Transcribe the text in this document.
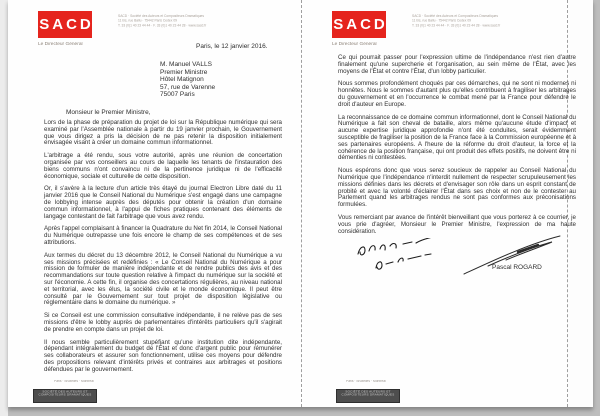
SACD
Le Directeur Général
SACD · Société des Auteurs et Compositeurs Dramatiques
11 bis, rue Ballu · 75442 Paris Cedex 09
T. 33 (0)1 40 23 44 44 · F. 33 (0)1 40 23 44 28 · www.sacd.fr
Paris, le 12 janvier 2016.
M. Manuel VALLS
Premier Ministre
Hôtel Matignon
57, rue de Varenne
75007 Paris
Monsieur le Premier Ministre,

Lors de la phase de préparation du projet de loi sur la République numérique qui sera examiné par l'Assemblée nationale à partir du 19 janvier prochain, le Gouvernement que vous dirigez a pris la décision de ne pas retenir la disposition initialement envisagée visant à créer un domaine commun informationnel.

L'arbitrage a été rendu, sous votre autorité, après une réunion de concertation organisée par vos conseillers au cours de laquelle les tenants de l'instauration des biens communs n'ont convaincu ni de la pertinence juridique ni de l'efficacité économique, sociale et culturelle de cette disposition.

Or, il s'avère à la lecture d'un article très étayé du journal Electron Libre daté du 11 janvier 2016 que le Conseil National du Numérique s'est engagé dans une campagne de lobbying intense auprès des députés pour obtenir la création d'un domaine commun informationnel, à l'appui de fiches pratiques contenant des éléments de langage contestant de fait l'arbitrage que vous avez rendu.

Après l'appel complaisant à financer la Quadrature du Net fin 2014, le Conseil National du Numérique outrepasse une fois encore le champ de ses compétences et de ses attributions.

Aux termes du décret du 13 décembre 2012, le Conseil National du Numérique a vu ses missions précisées et redéfinies : « Le Conseil National du Numérique a pour mission de formuler de manière indépendante et de rendre publics des avis et des recommandations sur toute question relative à l'impact du numérique sur la société et sur l'économie. A cette fin, il organise des concertations régulières, au niveau national et territorial, avec les élus, la société civile et le monde économique. Il peut être consulté par le Gouvernement sur tout projet de disposition législative ou réglementaire dans le domaine du numérique. »

Si ce Conseil est une commission consultative indépendante, il ne relève pas de ses missions d'être le lobby auprès de parlementaires d'intérêts particuliers qu'il s'agirait de prendre en compte dans un projet de loi.

Il nous semble particulièrement stupéfiant qu'une institution dite indépendante, dépendant intégralement du budget de l'État et donc d'argent public pour rémunérer ses collaborateurs et assurer son fonctionnement, utilise ces moyens pour défendre des propositions relevant d'intérêts privés et contraires aux arbitrages et positions défendues par le gouvernement.

Paris · Bruxelles · Montréal
SOCIÉTÉ DES AUTEURS ET
COMPOSITEURS DRAMATIQUES
SACD
Le Directeur Général
SACD · Société des Auteurs et Compositeurs Dramatiques
11 bis, rue Ballu · 75442 Paris Cedex 09
T. 33 (0)1 40 23 44 44 · F. 33 (0)1 40 23 44 28 · www.sacd.fr

Ce qui pourrait passer pour l'expression ultime de l'indépendance n'est rien d'autre finalement qu'une supercherie et l'organisation, au sein même de l'État, avec les moyens de l'État et contre l'État, d'un lobby particulier.

Nous sommes profondément choqués par ces démarches, qui ne sont ni modernes ni honnêtes. Nous le sommes d'autant plus qu'elles contribuent à fragiliser les arbitrages du gouvernement et en l'occurrence le combat mené par la France pour défendre le droit d'auteur en Europe.

La reconnaissance de ce domaine commun informationnel, dont le Conseil National du Numérique a fait son cheval de bataille, alors même qu'aucune étude d'impact et aucune expertise juridique approfondie n'ont été conduites, serait évidemment susceptible de fragiliser la position de la France face à la Commission européenne et à ses partenaires européens. A l'heure de la réforme du droit d'auteur, la force et la cohérence de la position française, qui ont produit des effets positifs, ne doivent être ni démenties ni contestées.

Nous espérons donc que vous serez soucieux de rappeler au Conseil National du Numérique que l'indépendance n'interdit nullement de respecter scrupuleusement les missions définies dans les décrets et d'envisager son rôle dans un esprit constant de probité et avec la volonté d'éclairer l'État dans ses choix et non de le contester au Parlement quand les arbitrages rendus ne sont pas conformes aux préconisations formulées.

Vous remerciant par avance de l'intérêt bienveillant que vous porterez à ce courrier, je vous prie d'agréer, Monsieur le Premier Ministre, l'expression de ma haute considération.

Pascal ROGARD
Paris · Bruxelles · Montréal
SOCIÉTÉ DES AUTEURS ET
COMPOSITEURS DRAMATIQUES
